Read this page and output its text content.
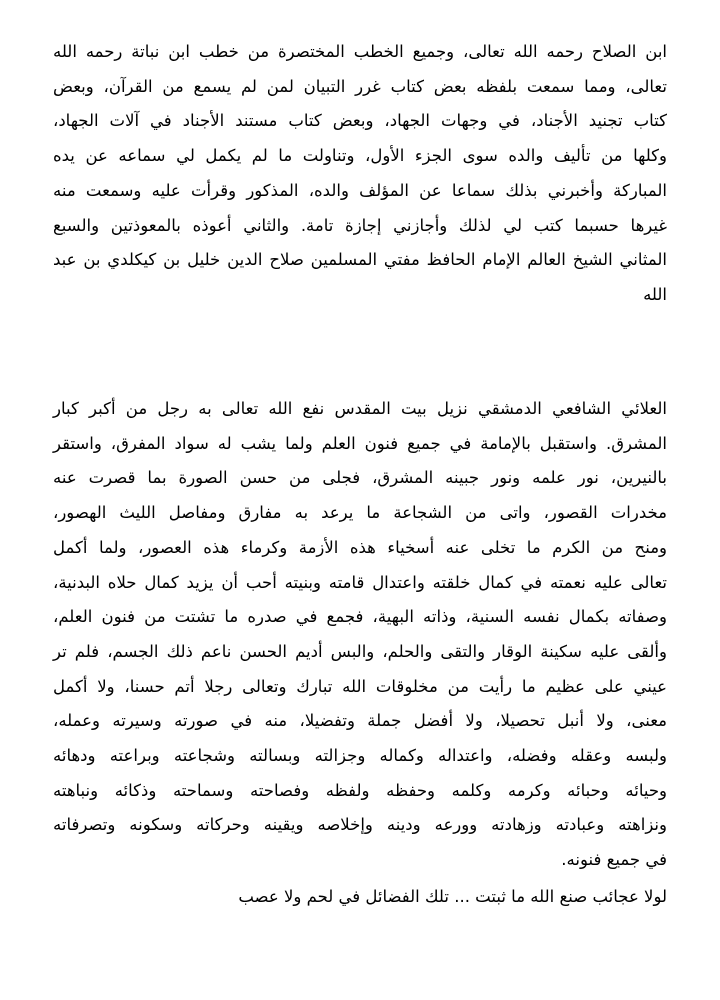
ابن الصلاح رحمه الله تعالى، وجميع الخطب المختصرة من خطب ابن نباتة رحمه الله
تعالى، ومما سمعت بلفظه بعض كتاب غرر التبيان لمن لم يسمع من القرآن، وبعض
كتاب تجنيد الأجناد، في وجهات الجهاد، وبعض كتاب مستند الأجناد في آلات الجهاد،
وكلها من تأليف والده سوى الجزء الأول، وتناولت ما لم يكمل لي سماعه عن يده
المباركة وأخبرني بذلك سماعا عن المؤلف والده، المذكور وقرأت عليه وسمعت منه
غيرها حسبما كتب لي لذلك وأجازني إجازة تامة. والثاني أعوذه بالمعوذتين والسبع
المثاني الشيخ العالم الإمام الحافظ مفتي المسلمين صلاح الدين خليل بن كيكلدي بن عبد
الله
العلائي الشافعي الدمشقي نزيل بيت المقدس نفع الله تعالى به رجل من أكبر كبار
المشرق. واستقبل بالإمامة في جميع فنون العلم ولما يشب له سواد المفرق، واستقر
بالنيرين، نور علمه ونور جبينه المشرق، فجلى من حسن الصورة بما قصرت عنه
مخدرات القصور، واتى من الشجاعة ما يرعد به مفارق ومفاصل الليث الهصور،
ومنح من الكرم ما تخلى عنه أسخياء هذه الأزمة وكرماء هذه العصور، ولما أكمل
تعالى عليه نعمته في كمال خلقته واعتدال قامته وبنيته أحب أن يزيد كمال حلاه البدنية،
وصفاته بكمال نفسه السنية، وذاته البهية، فجمع في صدره ما تشتت من فنون العلم،
وألقى عليه سكينة الوقار والتقى والحلم، والبس أديم الحسن ناعم ذلك الجسم، فلم تر
عيني على عظيم ما رأيت من مخلوقات الله تبارك وتعالى رجلا أتم حسنا، ولا أكمل
معنى، ولا أنبل تحصيلا، ولا أفضل جملة وتفضيلا، منه في صورته وسيرته وعمله،
ولبسه وعقله وفضله، واعتداله وكماله وجزالته وبسالته وشجاعته وبراعته ودهائه
وحيائه وحبائه وكرمه وكلمه وحفظه ولفظه وفصاحته وسماحته وذكائه ونباهته
ونزاهته وعبادته وزهادته وورعه ودينه وإخلاصه ويقينه وحركاته وسكونه وتصرفاته
في جميع فنونه.
لولا عجائب صنع الله ما ثبتت ... تلك الفضائل في لحم ولا عصب
